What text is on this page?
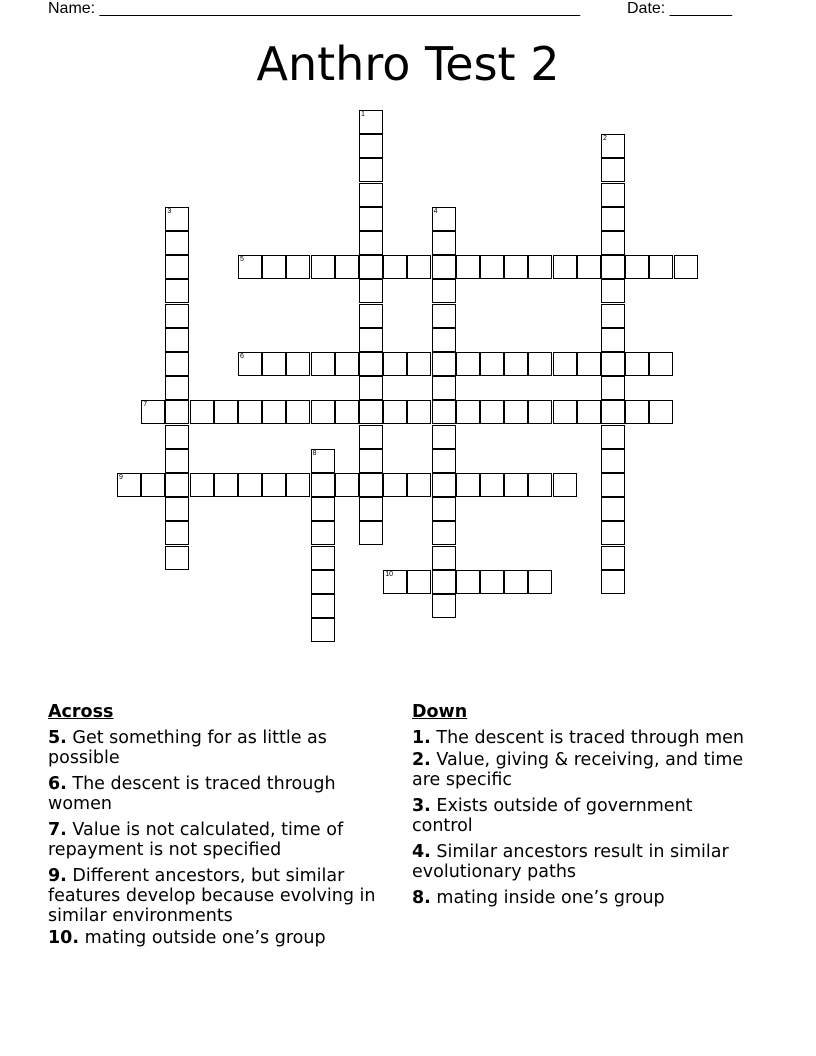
Name: ______________________________________________________	Date: _______
Anthro Test 2
1
2
3	4
5
6
7
8
9
10
Across
5. Get something for as little as possible
6. The descent is traced through women
7. Value is not calculated, time of repayment is not specified
9. Different ancestors, but similar features develop because evolving in similar environments
10. mating outside one’s group
Down
1. The descent is traced through men
2. Value, giving & receiving, and time are specific
3. Exists outside of government control
4. Similar ancestors result in similar evolutionary paths
8. mating inside one’s group
